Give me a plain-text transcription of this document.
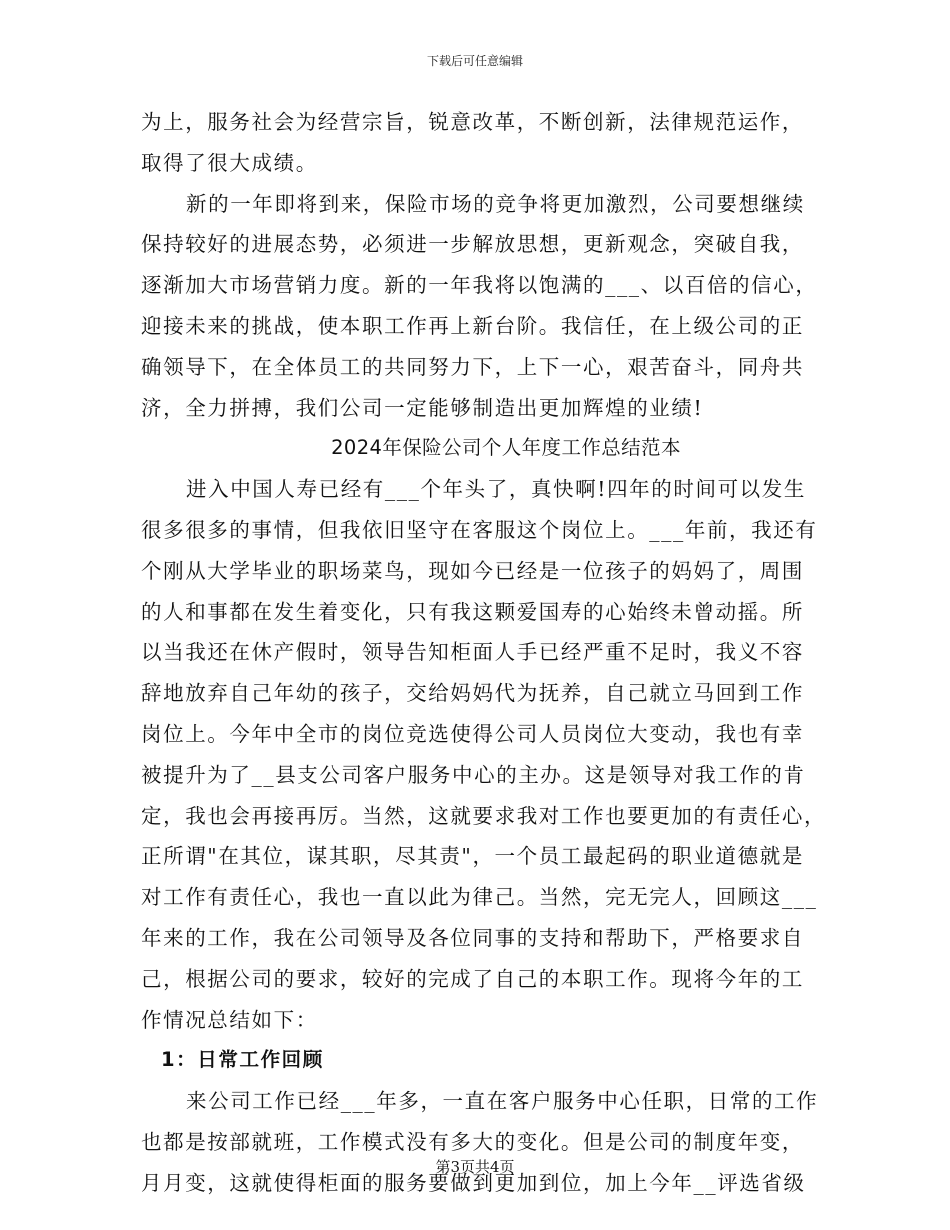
下载后可任意编辑
为上，服务社会为经营宗旨，锐意改革，不断创新，法律规范运作，
取得了很大成绩。
新的一年即将到来，保险市场的竞争将更加激烈，公司要想继续
保持较好的进展态势，必须进一步解放思想，更新观念，突破自我，
逐渐加大市场营销力度。新的一年我将以饱满的___、以百倍的信心，
迎接未来的挑战，使本职工作再上新台阶。我信任，在上级公司的正
确领导下，在全体员工的共同努力下，上下一心，艰苦奋斗，同舟共
济，全力拼搏，我们公司一定能够制造出更加辉煌的业绩!
2024年保险公司个人年度工作总结范本
进入中国人寿已经有___个年头了，真快啊!四年的时间可以发生
很多很多的事情，但我依旧坚守在客服这个岗位上。___年前，我还有
个刚从大学毕业的职场菜鸟，现如今已经是一位孩子的妈妈了，周围
的人和事都在发生着变化，只有我这颗爱国寿的心始终未曾动摇。所
以当我还在休产假时，领导告知柜面人手已经严重不足时，我义不容
辞地放弃自己年幼的孩子，交给妈妈代为抚养，自己就立马回到工作
岗位上。今年中全市的岗位竞选使得公司人员岗位大变动，我也有幸
被提升为了__县支公司客户服务中心的主办。这是领导对我工作的肯
定，我也会再接再厉。当然，这就要求我对工作也要更加的有责任心，
正所谓"在其位，谋其职，尽其责"，一个员工最起码的职业道德就是
对工作有责任心，我也一直以此为律己。当然，完无完人，回顾这___
年来的工作，我在公司领导及各位同事的支持和帮助下，严格要求自
己，根据公司的要求，较好的完成了自己的本职工作。现将今年的工
作情况总结如下：
1：日常工作回顾
来公司工作已经___年多，一直在客户服务中心任职，日常的工作
也都是按部就班，工作模式没有多大的变化。但是公司的制度年变，
月月变，这就使得柜面的服务要做到更加到位，加上今年__评选省级
第3页共4页
